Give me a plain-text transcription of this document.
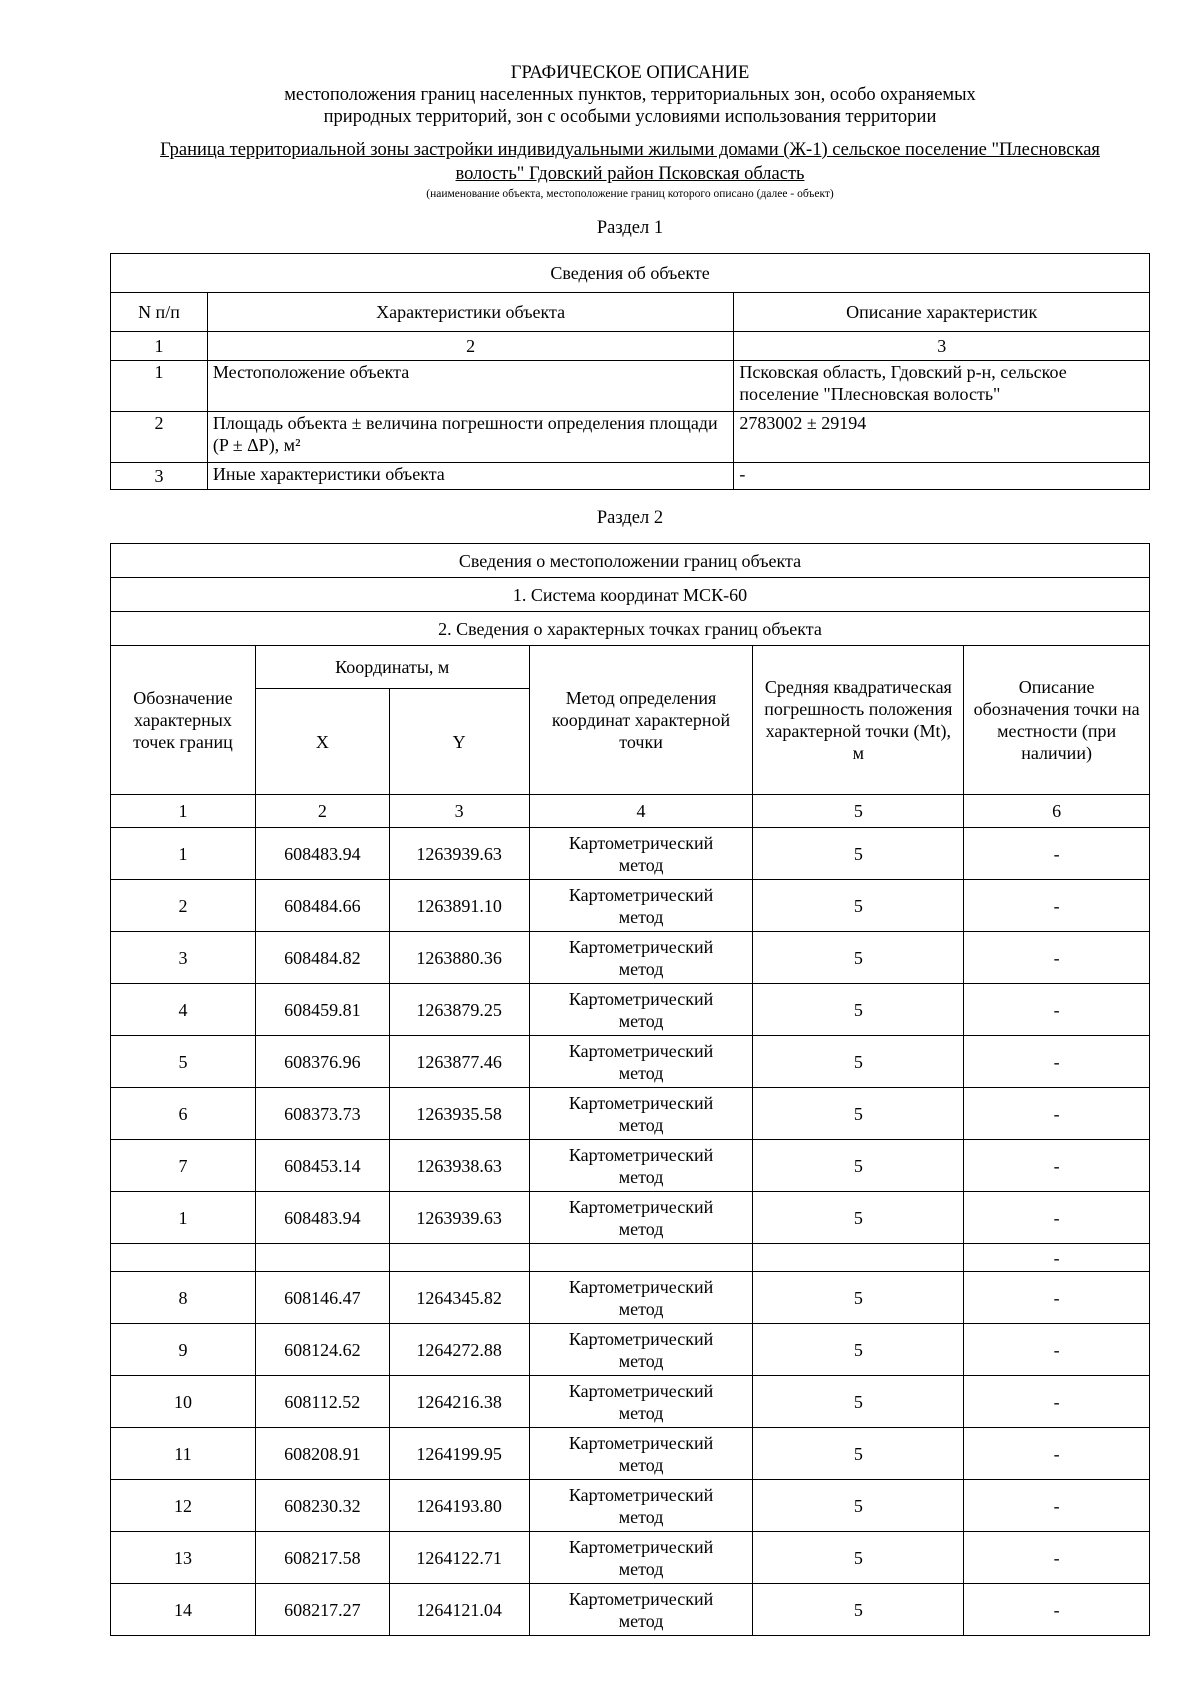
ГРАФИЧЕСКОЕ ОПИСАНИЕ
местоположения границ населенных пунктов, территориальных зон, особо охраняемых
природных территорий, зон с особыми условиями использования территории
Граница территориальной зоны застройки индивидуальными жилыми домами (Ж-1) сельское поселение "Плесновская
волость" Гдовский район Псковская область
(наименование объекта, местоположение границ которого описано (далее - объект)
Раздел 1
Сведения об объекте		
N п/п	Характеристики объекта	Описание характеристик
1	2	3
1	Местоположение объекта	Псковская область, Гдовский р-н, сельское поселение "Плесновская волость"
2	Площадь объекта ± величина погрешности определения площади (P ± ΔP), м²	2783002 ± 29194
3	Иные характеристики объекта	-
Раздел 2
Сведения о местоположении границ объекта					
1. Система координат МСК-60					
2. Сведения о характерных точках границ объекта					
Обозначение характерных точек границ	Координаты, м		Метод определения координат характерной точки	Средняя квадратическая погрешность положения характерной точки (Mt), м	Описание обозначения точки на местности (при наличии)
	X	Y			
1	2	3	4	5	6
1	608483.94	1263939.63	Картометрический метод	5	-
2	608484.66	1263891.10	Картометрический метод	5	-
3	608484.82	1263880.36	Картометрический метод	5	-
4	608459.81	1263879.25	Картометрический метод	5	-
5	608376.96	1263877.46	Картометрический метод	5	-
6	608373.73	1263935.58	Картометрический метод	5	-
7	608453.14	1263938.63	Картометрический метод	5	-
1	608483.94	1263939.63	Картометрический метод	5	-
					-
8	608146.47	1264345.82	Картометрический метод	5	-
9	608124.62	1264272.88	Картометрический метод	5	-
10	608112.52	1264216.38	Картометрический метод	5	-
11	608208.91	1264199.95	Картометрический метод	5	-
12	608230.32	1264193.80	Картометрический метод	5	-
13	608217.58	1264122.71	Картометрический метод	5	-
14	608217.27	1264121.04	Картометрический метод	5	-
